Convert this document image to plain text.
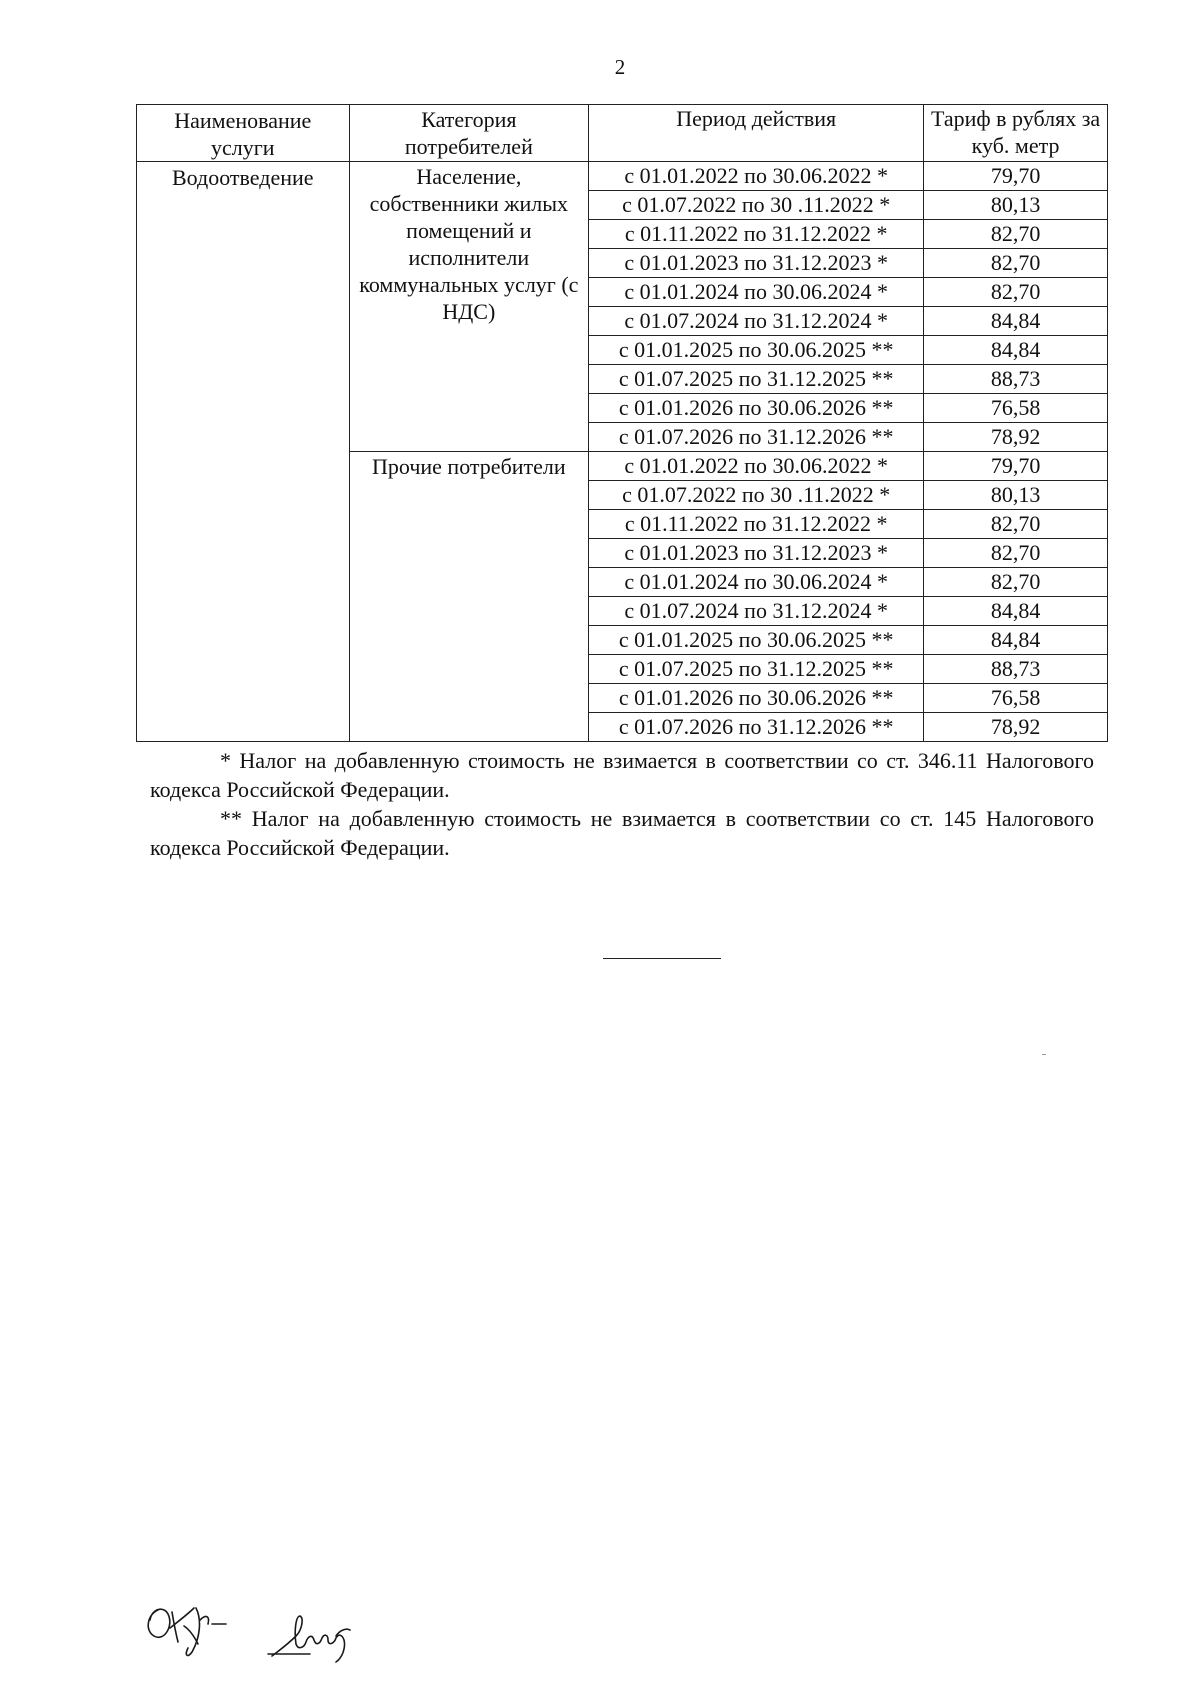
2
Наименование услуги	Категория потребителей	Период действия	Тариф в рублях за куб. метр
Водоотведение	Население, собственники жилых помещений и исполнители коммунальных услуг (с НДС)	с 01.01.2022 по 30.06.2022 *	79,70
		с 01.07.2022 по 30 .11.2022 *	80,13
		с 01.11.2022 по 31.12.2022 *	82,70
		с 01.01.2023 по 31.12.2023 *	82,70
		с 01.01.2024 по 30.06.2024 *	82,70
		с 01.07.2024 по 31.12.2024 *	84,84
		с 01.01.2025 по 30.06.2025 **	84,84
		с 01.07.2025 по 31.12.2025 **	88,73
		с 01.01.2026 по 30.06.2026 **	76,58
		с 01.07.2026 по 31.12.2026 **	78,92
	Прочие потребители	с 01.01.2022 по 30.06.2022 *	79,70
		с 01.07.2022 по 30 .11.2022 *	80,13
		с 01.11.2022 по 31.12.2022 *	82,70
		с 01.01.2023 по 31.12.2023 *	82,70
		с 01.01.2024 по 30.06.2024 *	82,70
		с 01.07.2024 по 31.12.2024 *	84,84
		с 01.01.2025 по 30.06.2025 **	84,84
		с 01.07.2025 по 31.12.2025 **	88,73
		с 01.01.2026 по 30.06.2026 **	76,58
		с 01.07.2026 по 31.12.2026 **	78,92

* Налог на добавленную стоимость не взимается в соответствии со ст. 346.11 Налогового кодекса Российской Федерации.

** Налог на добавленную стоимость не взимается в соответствии со ст. 145 Налогового кодекса Российской Федерации.
